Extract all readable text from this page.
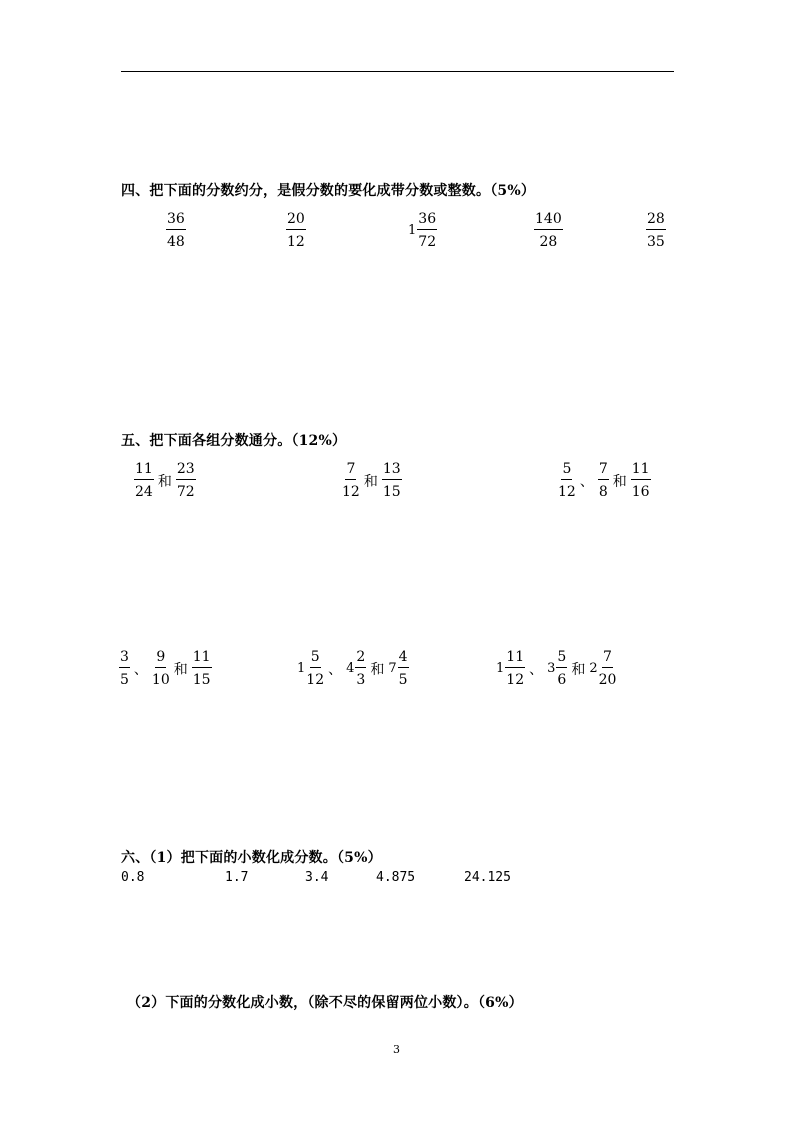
四、把下面的分数约分，是假分数的要化成带分数或整数。（5%）
$\frac{36}{48}$	$\frac{20}{12}$	$1 \frac{36}{72}$	$\frac{140}{28}$	$\frac{28}{35}$
五、把下面各组分数通分。（12%）
$\frac{11}{24}$ 和 $\frac{23}{72}$	$\frac{7}{12}$ 和 $\frac{13}{15}$	$\frac{5}{12}$ 、 $\frac{7}{8}$ 和 $\frac{11}{16}$
$\frac{3}{5}$ 、 $\frac{9}{10}$ 和 $\frac{11}{15}$	$1 \frac{5}{12}$ 、 $4 \frac{2}{3}$ 和 $7 \frac{4}{5}$	$1 \frac{11}{12}$ 、 $3 \frac{5}{6}$ 和 $2 \frac{7}{20}$
六、（1）把下面的小数化成分数。（5%）
0.8	1.7	3.4	4.875	24.125
（2）下面的分数化成小数，（除不尽的保留两位小数）。（6%）
3
